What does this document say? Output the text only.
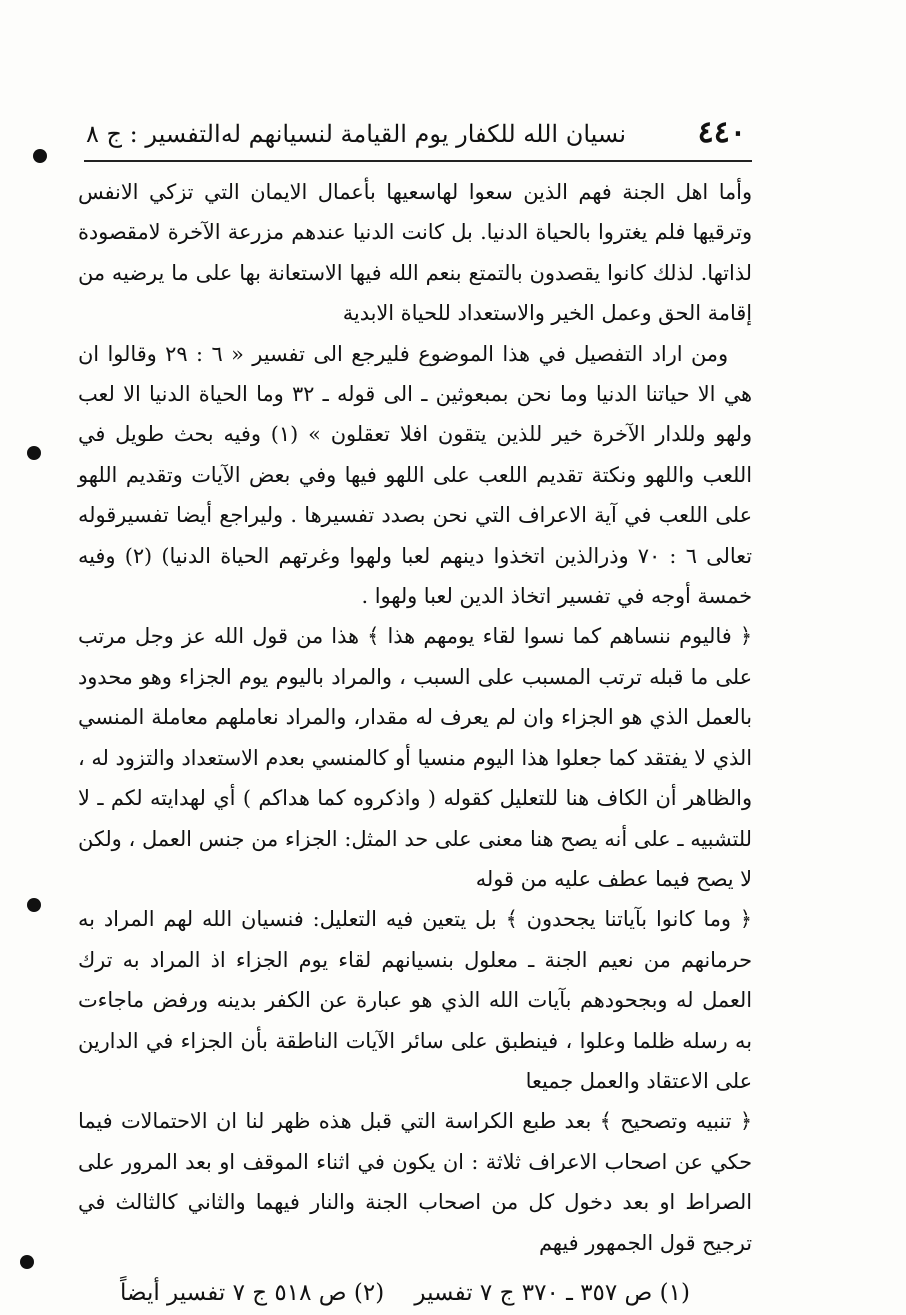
٤٤٠
نسيان الله للكفار يوم القيامة لنسيانهم له
التفسير : ج ٨

وأما اهل الجنة فهم الذين سعوا لهاسعيها بأعمال الايمان التي تزكي الانفس وترقيها فلم يغتروا بالحياة الدنيا. بل كانت الدنيا عندهم مزرعة الآخرة لامقصودة لذاتها. لذلك كانوا يقصدون بالتمتع بنعم الله فيها الاستعانة بها على ما يرضيه من إقامة الحق وعمل الخير والاستعداد للحياة الابدية

ومن اراد التفصيل في هذا الموضوع فليرجع الى تفسير « ٦ : ٢٩ وقالوا ان هي الا حياتنا الدنيا وما نحن بمبعوثين ـ الى قوله ـ ٣٢ وما الحياة الدنيا الا لعب ولهو وللدار الآخرة خير للذين يتقون افلا تعقلون » (١) وفيه بحث طويل في اللعب واللهو ونكتة تقديم اللعب على اللهو فيها وفي بعض الآيات وتقديم اللهو على اللعب في آية الاعراف التي نحن بصدد تفسيرها . وليراجع أيضا تفسيرقوله تعالى ٦ : ٧٠ وذرالذين اتخذوا دينهم لعبا ولهوا وغرتهم الحياة الدنيا) (٢) وفيه خمسة أوجه في تفسير اتخاذ الدين لعبا ولهوا .

﴿ فاليوم ننساهم كما نسوا لقاء يومهم هذا ﴾ هذا من قول الله عز وجل مرتب على ما قبله ترتب المسبب على السبب ، والمراد باليوم يوم الجزاء وهو محدود بالعمل الذي هو الجزاء وان لم يعرف له مقدار، والمراد نعاملهم معاملة المنسي الذي لا يفتقد كما جعلوا هذا اليوم منسيا أو كالمنسي بعدم الاستعداد والتزود له ، والظاهر أن الكاف هنا للتعليل كقوله ( واذكروه كما هداكم ) أي لهدايته لكم ـ لا للتشبيه ـ على أنه يصح هنا معنى على حد المثل: الجزاء من جنس العمل ، ولكن لا يصح فيما عطف عليه من قوله

﴿ وما كانوا بآياتنا يجحدون ﴾ بل يتعين فيه التعليل: فنسيان الله لهم المراد به حرمانهم من نعيم الجنة ـ معلول بنسيانهم لقاء يوم الجزاء اذ المراد به ترك العمل له وبجحودهم بآيات الله الذي هو عبارة عن الكفر بدينه ورفض ماجاءت به رسله ظلما وعلوا ، فينطبق على سائر الآيات الناطقة بأن الجزاء في الدارين على الاعتقاد والعمل جميعا

﴿ تنبيه وتصحيح ﴾ بعد طبع الكراسة التي قبل هذه ظهر لنا ان الاحتمالات فيما حكي عن اصحاب الاعراف ثلاثة : ان يكون في اثناء الموقف او بعد المرور على الصراط او بعد دخول كل من اصحاب الجنة والنار فيهما والثاني كالثالث في ترجيح قول الجمهور فيهم

(١) ص ٣٥٧ ـ ٣٧٠ ج ٧ تفسير
(٢) ص ٥١٨ ج ٧ تفسير أيضاً
